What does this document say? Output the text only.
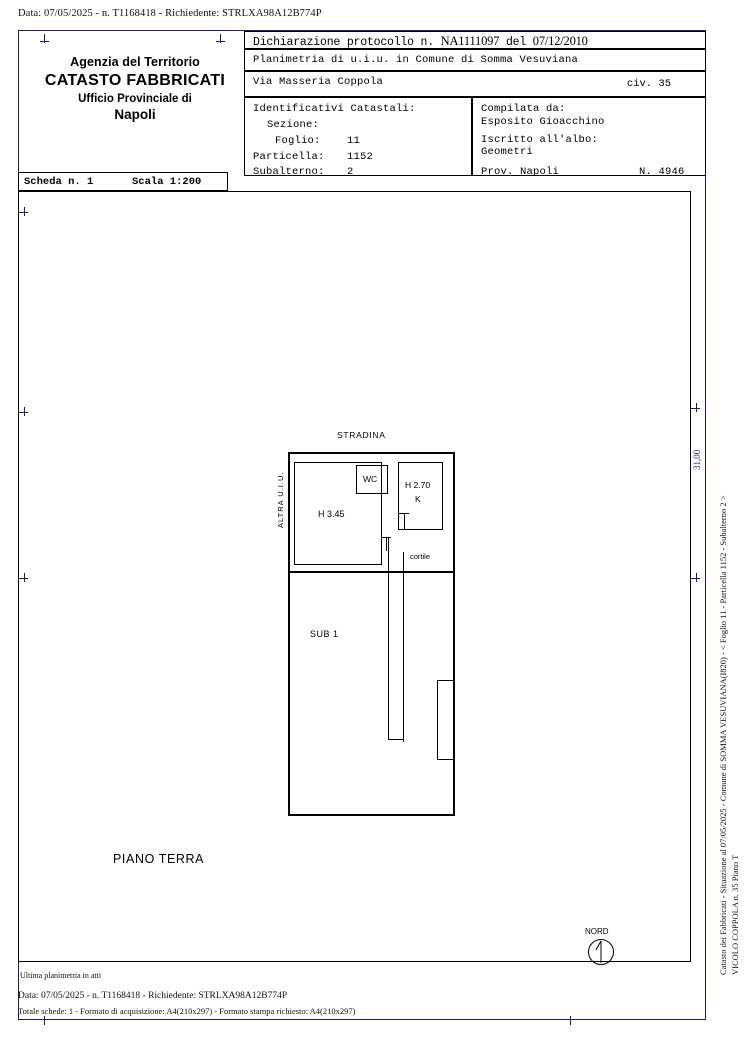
Data: 07/05/2025 - n. T1168418 - Richiedente: STRLXA98A12B774P
Agenzia del Territorio
CATASTO FABBRICATI
Ufficio Provinciale di
Napoli
Dichiarazione protocollo n. NA1111097 del 07/12/2010
Planimetria di u.i.u. in Comune di Somma Vesuviana
Via Masseria Coppola	civ. 35
Identificativi Catastali:
Sezione:
Foglio:	11
Particella: 1152
Subalterno: 2
Compilata da:
Esposito Gioacchino
Iscritto all'albo:
Geometri
Prov. Napoli	N. 4946
Scheda n. 1	Scala 1:200
STRADINA
ALTRA U.I.U.	H 3.45
WC
H 2.70
K
cortile
SUB 1
PIANO TERRA
31,00
NORD
Ultima planimetria in atti
Data: 07/05/2025 - n. T1168418 - Richiedente: STRLXA98A12B774P
Totale schede: 1 - Formato di acquisizione: A4(210x297) - Formato stampa richiesto: A4(210x297)
Catasto dei Fabbricati - Situazione al 07/05/2025 - Comune di SOMMA VESUVIANA(I820) - < Foglio 11 - Particella 1152 - Subalterno 2 > VICOLO COPPOLA n. 35 Piano T
